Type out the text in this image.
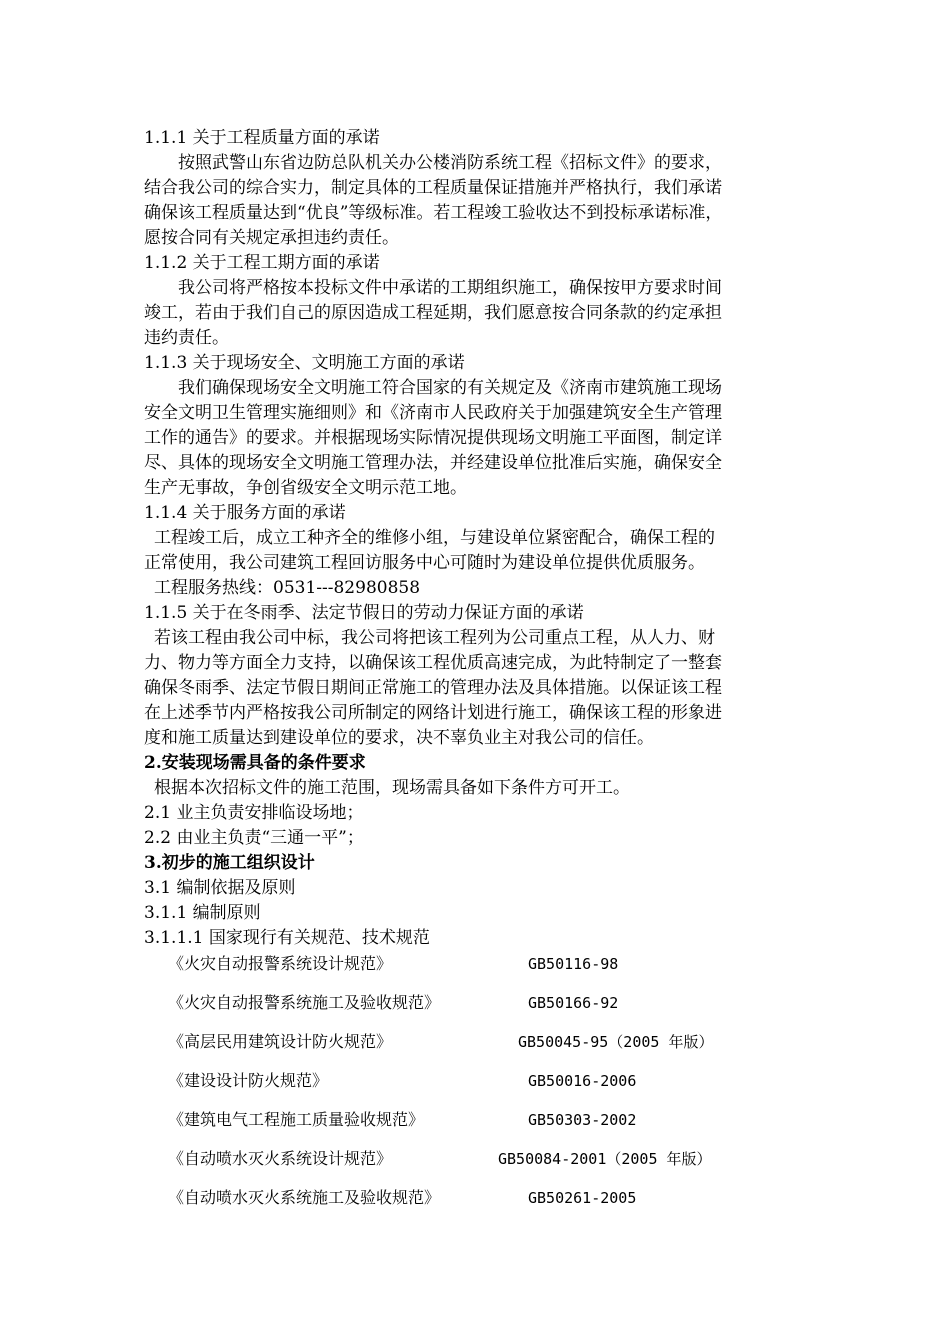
1.1.1 关于工程质量方面的承诺
按照武警山东省边防总队机关办公楼消防系统工程《招标文件》的要求，
结合我公司的综合实力，制定具体的工程质量保证措施并严格执行，我们承诺
确保该工程质量达到“优良”等级标准。若工程竣工验收达不到投标承诺标准，
愿按合同有关规定承担违约责任。
1.1.2 关于工程工期方面的承诺
我公司将严格按本投标文件中承诺的工期组织施工，确保按甲方要求时间
竣工，若由于我们自己的原因造成工程延期，我们愿意按合同条款的约定承担
违约责任。
1.1.3 关于现场安全、文明施工方面的承诺
我们确保现场安全文明施工符合国家的有关规定及《济南市建筑施工现场
安全文明卫生管理实施细则》和《济南市人民政府关于加强建筑安全生产管理
工作的通告》的要求。并根据现场实际情况提供现场文明施工平面图，制定详
尽、具体的现场安全文明施工管理办法，并经建设单位批准后实施，确保安全
生产无事故，争创省级安全文明示范工地。
1.1.4 关于服务方面的承诺
工程竣工后，成立工种齐全的维修小组，与建设单位紧密配合，确保工程的
正常使用，我公司建筑工程回访服务中心可随时为建设单位提供优质服务。
工程服务热线：0531---82980858
1.1.5 关于在冬雨季、法定节假日的劳动力保证方面的承诺
若该工程由我公司中标，我公司将把该工程列为公司重点工程，从人力、财
力、物力等方面全力支持，以确保该工程优质高速完成，为此特制定了一整套
确保冬雨季、法定节假日期间正常施工的管理办法及具体措施。以保证该工程
在上述季节内严格按我公司所制定的网络计划进行施工，确保该工程的形象进
度和施工质量达到建设单位的要求，决不辜负业主对我公司的信任。
2.安装现场需具备的条件要求
根据本次招标文件的施工范围，现场需具备如下条件方可开工。
2.1 业主负责安排临设场地；
2.2 由业主负责“三通一平”；
3.初步的施工组织设计
3.1 编制依据及原则
3.1.1 编制原则
3.1.1.1 国家现行有关规范、技术规范
《火灾自动报警系统设计规范》	GB50116-98
《火灾自动报警系统施工及验收规范》	GB50166-92
《高层民用建筑设计防火规范》	GB50045-95（2005 年版）
《建设设计防火规范》	GB50016-2006
《建筑电气工程施工质量验收规范》	GB50303-2002
《自动喷水灭火系统设计规范》	GB50084-2001（2005 年版）
《自动喷水灭火系统施工及验收规范》	GB50261-2005
